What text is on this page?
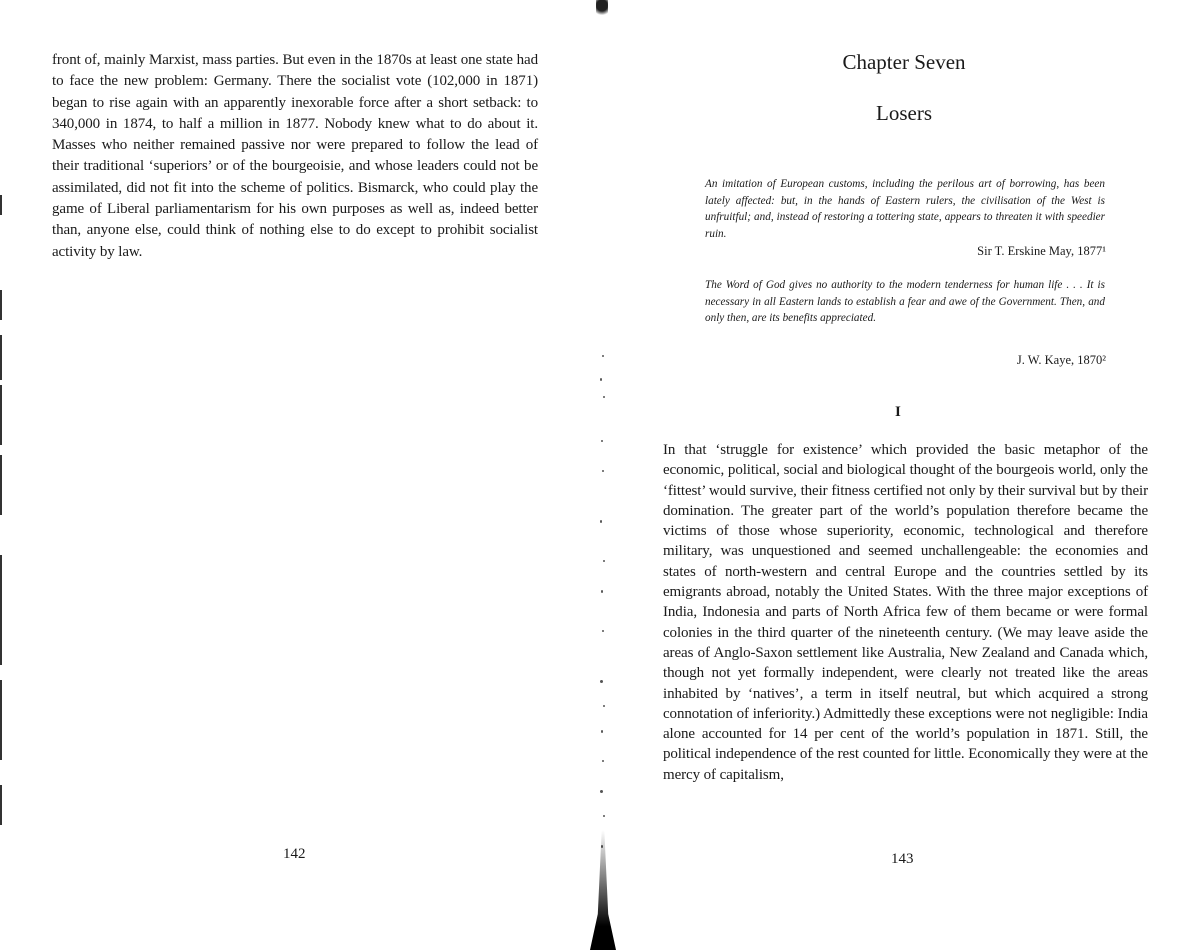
front of, mainly Marxist, mass parties. But even in the 1870s at least one state had to face the new problem: Germany. There the socialist vote (102,000 in 1871) began to rise again with an apparently inexorable force after a short setback: to 340,000 in 1874, to half a million in 1877. Nobody knew what to do about it. Masses who neither remained passive nor were prepared to follow the lead of their traditional ‘superiors’ or of the bourgeoisie, and whose leaders could not be assimilated, did not fit into the scheme of politics. Bismarck, who could play the game of Liberal parliamentarism for his own purposes as well as, indeed better than, anyone else, could think of nothing else to do except to prohibit socialist activity by law.

142
Chapter Seven
Losers
An imitation of European customs, including the perilous art of borrowing, has been lately affected: but, in the hands of Eastern rulers, the civilisation of the West is unfruitful; and, instead of restoring a tottering state, appears to threaten it with speedier ruin.
Sir T. Erskine May, 1877¹
The Word of God gives no authority to the modern tenderness for human life . . . It is necessary in all Eastern lands to establish a fear and awe of the Government. Then, and only then, are its benefits appreciated.
J. W. Kaye, 1870²
I

In that ‘struggle for existence’ which provided the basic metaphor of the economic, political, social and biological thought of the bourgeois world, only the ‘fittest’ would survive, their fitness certified not only by their survival but by their domination. The greater part of the world’s population therefore became the victims of those whose superiority, economic, technological and therefore military, was unquestioned and seemed unchallengeable: the economies and states of north-western and central Europe and the countries settled by its emigrants abroad, notably the United States. With the three major exceptions of India, Indonesia and parts of North Africa few of them became or were formal colonies in the third quarter of the nineteenth century. (We may leave aside the areas of Anglo-Saxon settlement like Australia, New Zealand and Canada which, though not yet formally independent, were clearly not treated like the areas inhabited by ‘natives’, a term in itself neutral, but which acquired a strong connotation of inferiority.) Admittedly these exceptions were not negligible: India alone accounted for 14 per cent of the world’s population in 1871. Still, the political independence of the rest counted for little. Economically they were at the mercy of capitalism,

143
